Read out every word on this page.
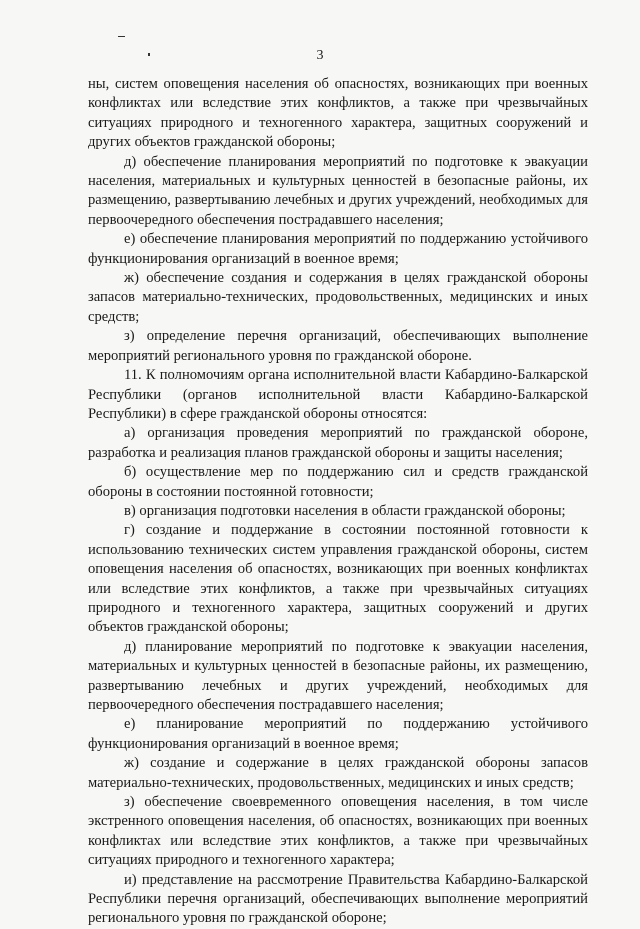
3

ны, систем оповещения населения об опасностях, возникающих при военных конфликтах или вследствие этих конфликтов, а также при чрезвычайных ситуациях природного и техногенного характера, защитных сооружений и других объектов гражданской обороны;

д) обеспечение планирования мероприятий по подготовке к эвакуации населения, материальных и культурных ценностей в безопасные районы, их размещению, развертыванию лечебных и других учреждений, необходимых для первоочередного обеспечения пострадавшего населения;

е) обеспечение планирования мероприятий по поддержанию устойчивого функционирования организаций в военное время;

ж) обеспечение создания и содержания в целях гражданской обороны запасов материально-технических, продовольственных, медицинских и иных средств;

з) определение перечня организаций, обеспечивающих выполнение мероприятий регионального уровня по гражданской обороне.

11. К полномочиям органа исполнительной власти Кабардино-Балкарской Республики (органов исполнительной власти Кабардино-Балкарской Республики) в сфере гражданской обороны относятся:

а) организация проведения мероприятий по гражданской обороне, разработка и реализация планов гражданской обороны и защиты населения;

б) осуществление мер по поддержанию сил и средств гражданской обороны в состоянии постоянной готовности;

в) организация подготовки населения в области гражданской обороны;

г) создание и поддержание в состоянии постоянной готовности к использованию технических систем управления гражданской обороны, систем оповещения населения об опасностях, возникающих при военных конфликтах или вследствие этих конфликтов, а также при чрезвычайных ситуациях природного и техногенного характера, защитных сооружений и других объектов гражданской обороны;

д) планирование мероприятий по подготовке к эвакуации населения, материальных и культурных ценностей в безопасные районы, их размещению, развертыванию лечебных и других учреждений, необходимых для первоочередного обеспечения пострадавшего населения;

е) планирование мероприятий по поддержанию устойчивого функционирования организаций в военное время;

ж) создание и содержание в целях гражданской обороны запасов материально-технических, продовольственных, медицинских и иных средств;

з) обеспечение своевременного оповещения населения, в том числе экстренного оповещения населения, об опасностях, возникающих при военных конфликтах или вследствие этих конфликтов, а также при чрезвычайных ситуациях природного и техногенного характера;

и) представление на рассмотрение Правительства Кабардино-Балкарской Республики перечня организаций, обеспечивающих выполнение мероприятий регионального уровня по гражданской обороне;
